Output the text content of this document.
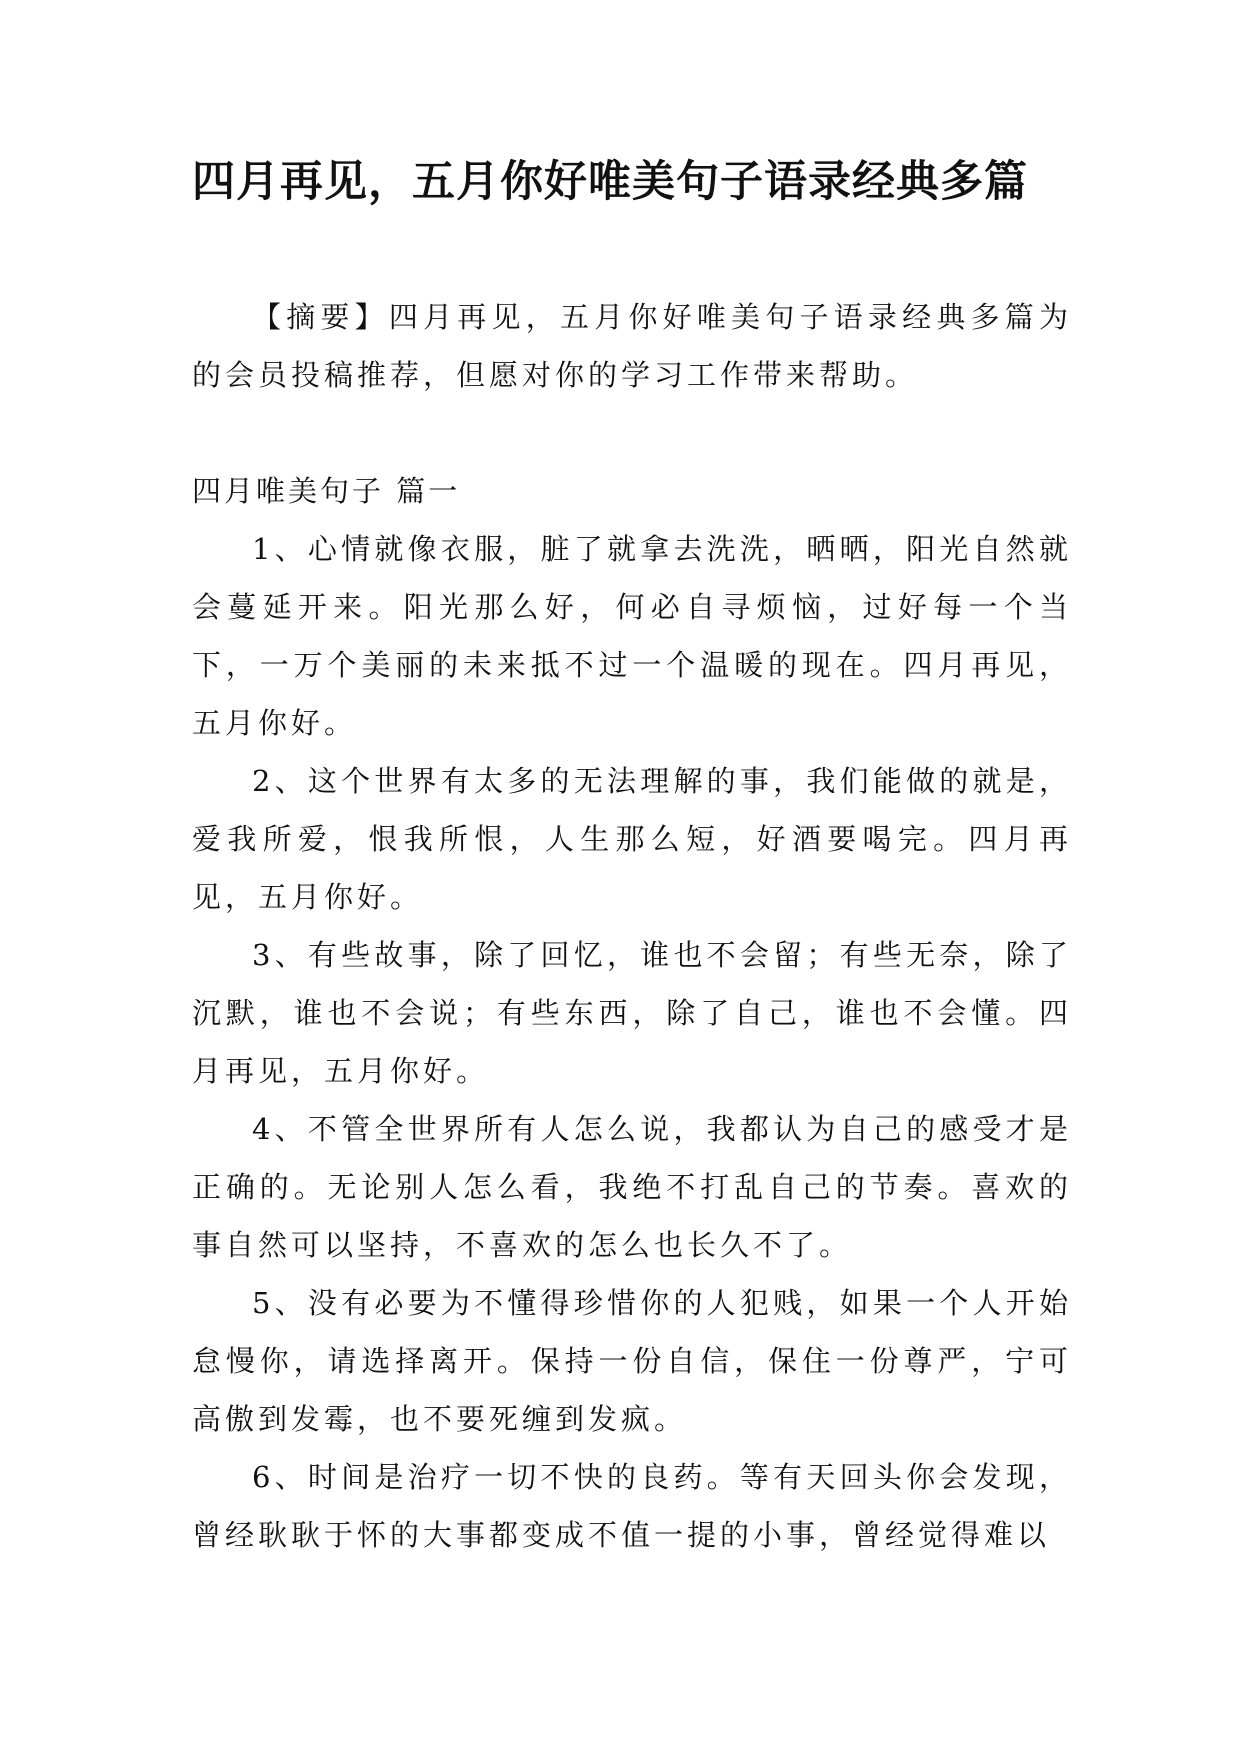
四月再见，五月你好唯美句子语录经典多篇

【摘要】四月再见，五月你好唯美句子语录经典多篇为的会员投稿推荐，但愿对你的学习工作带来帮助。

四月唯美句子 篇一

1、心情就像衣服，脏了就拿去洗洗，晒晒，阳光自然就会蔓延开来。阳光那么好，何必自寻烦恼，过好每一个当下，一万个美丽的未来抵不过一个温暖的现在。四月再见，五月你好。

2、这个世界有太多的无法理解的事，我们能做的就是，爱我所爱，恨我所恨，人生那么短，好酒要喝完。四月再见，五月你好。

3、有些故事，除了回忆，谁也不会留；有些无奈，除了沉默，谁也不会说；有些东西，除了自己，谁也不会懂。四月再见，五月你好。

4、不管全世界所有人怎么说，我都认为自己的感受才是正确的。无论别人怎么看，我绝不打乱自己的节奏。喜欢的事自然可以坚持，不喜欢的怎么也长久不了。

5、没有必要为不懂得珍惜你的人犯贱，如果一个人开始怠慢你，请选择离开。保持一份自信，保住一份尊严，宁可高傲到发霉，也不要死缠到发疯。

6、时间是治疗一切不快的良药。等有天回头你会发现，曾经耿耿于怀的大事都变成不值一提的小事，曾经觉得难以
